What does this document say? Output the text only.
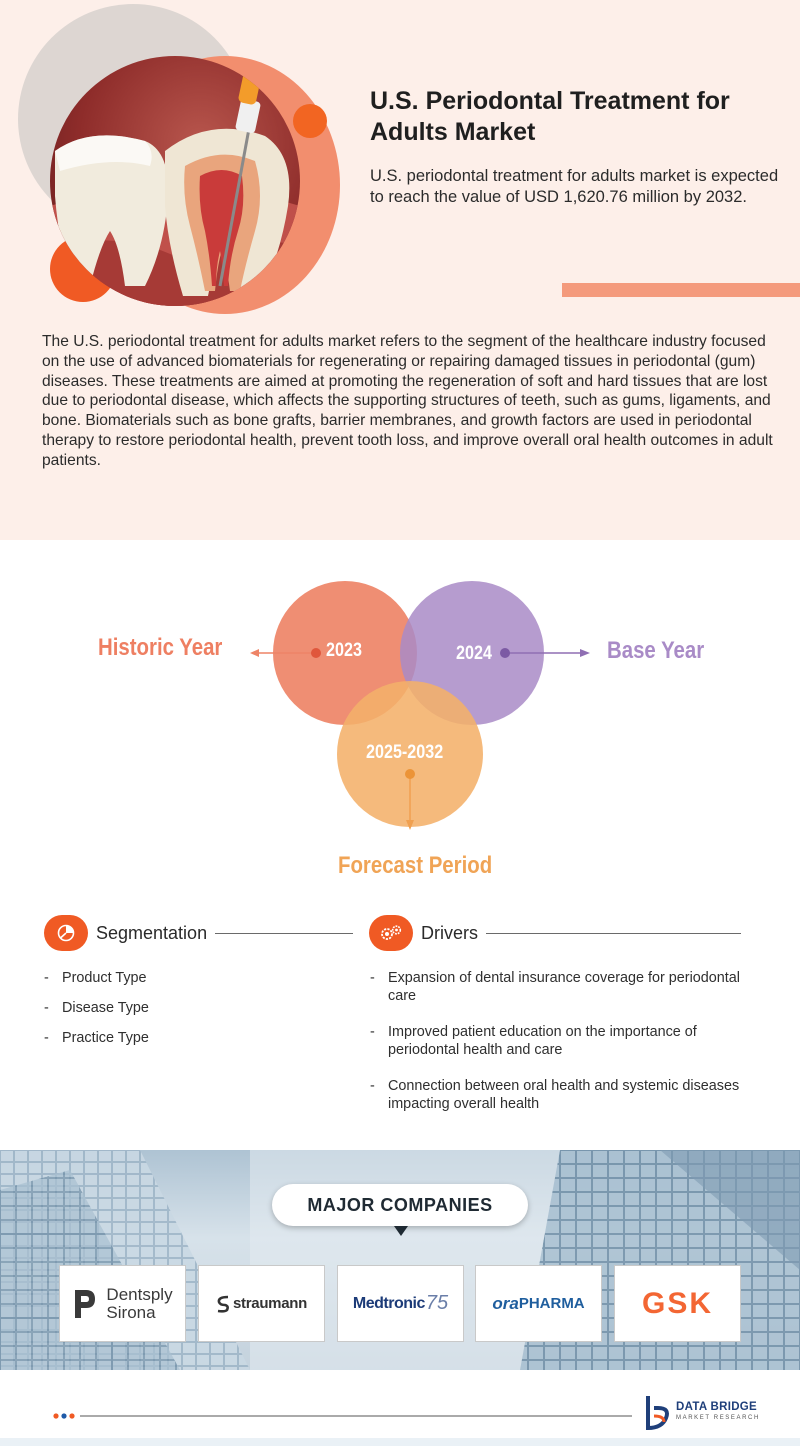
U.S. Periodontal Treatment for Adults Market

U.S. periodontal treatment for adults market is expected to reach the value of USD 1,620.76 million by 2032.

The U.S. periodontal treatment for adults market refers to the segment of the healthcare industry focused on the use of advanced biomaterials for regenerating or repairing damaged tissues in periodontal (gum) diseases. These treatments are aimed at promoting the regeneration of soft and hard tissues that are lost due to periodontal disease, which affects the supporting structures of teeth, such as gums, ligaments, and bone. Biomaterials such as bone grafts, barrier membranes, and growth factors are used in periodontal therapy to restore periodontal health, prevent tooth loss, and improve overall oral health outcomes in adult patients.

Historic Year	2023	2024	Base Year
2025-2032
Forecast Period
Segmentation
- Product Type
- Disease Type
- Practice Type
Drivers
- Expansion of dental insurance coverage for periodontal care
- Improved patient education on the importance of periodontal health and care
- Connection between oral health and systemic diseases impacting overall health
MAJOR COMPANIES
Dentsply
Sirona	straumann	Medtronic 75	ora PHARMA GSK
DATA BRIDGE
MARKET RESEARCH
